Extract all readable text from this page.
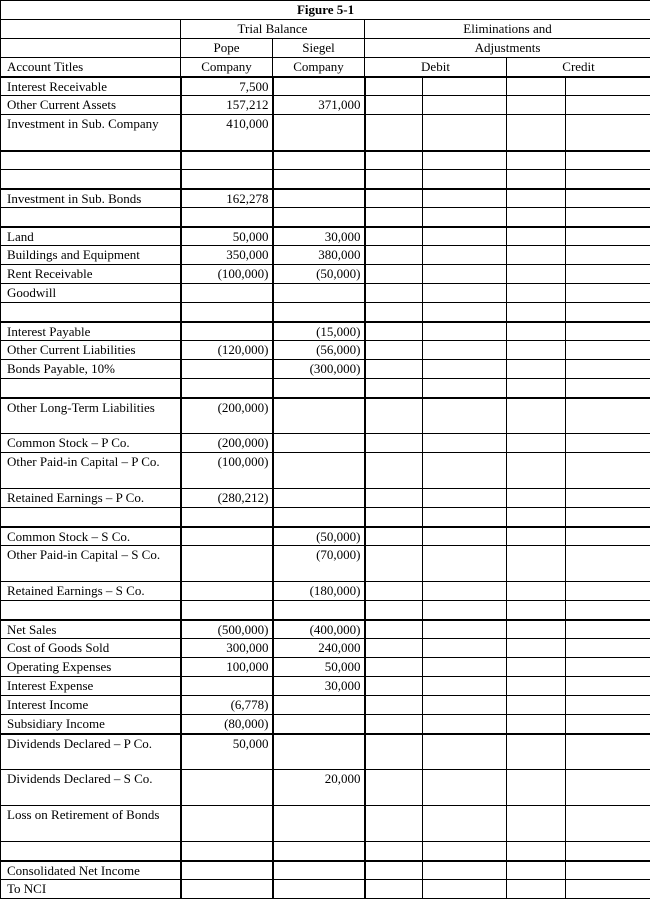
Figure 5-1						
	Trial Balance		Eliminations and			
	Pope	Siegel	Adjustments			
Account Titles	Company	Company	Debit		Credit	
Interest Receivable	7,500					
Other Current Assets	157,212	371,000				
Investment in Sub. Company	410,000					

Investment in Sub. Bonds	162,278					

Land	50,000	30,000				
Buildings and Equipment	350,000	380,000				
Rent Receivable	(100,000)	(50,000)				
Goodwill						

Interest Payable		(15,000)				
Other Current Liabilities	(120,000)	(56,000)				
Bonds Payable, 10%		(300,000)				

Other Long-Term Liabilities	(200,000)					
Common Stock – P Co.	(200,000)					
Other Paid-in Capital – P Co.	(100,000)					
Retained Earnings – P Co.	(280,212)					

Common Stock – S Co.		(50,000)				
Other Paid-in Capital – S Co.		(70,000)				
Retained Earnings – S Co.		(180,000)				

Net Sales	(500,000)	(400,000)				
Cost of Goods Sold	300,000	240,000				
Operating Expenses	100,000	50,000				
Interest Expense		30,000				
Interest Income	(6,778)					
Subsidiary Income	(80,000)					
Dividends Declared – P Co.	50,000					
Dividends Declared – S Co.		20,000				
Loss on Retirement of Bonds						

Consolidated Net Income						
To NCI						
